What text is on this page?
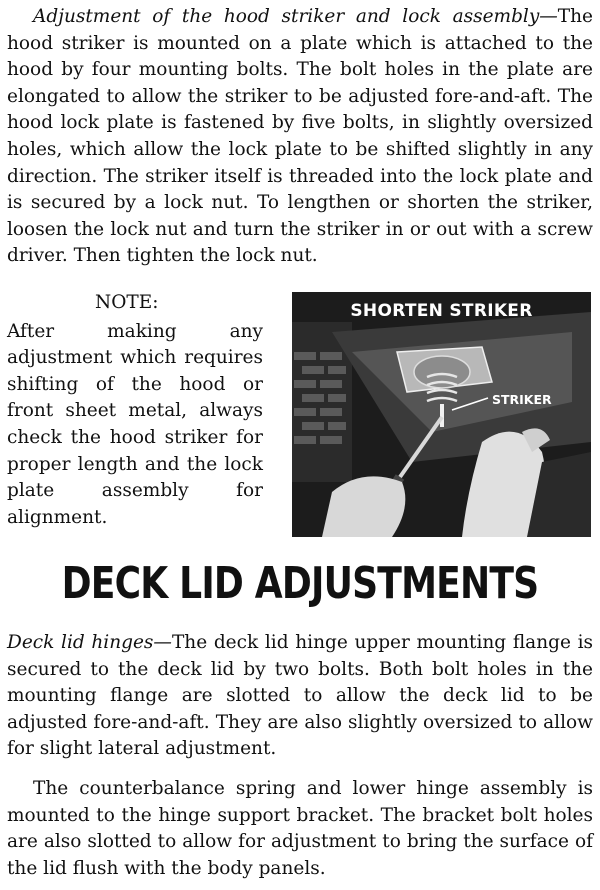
Adjustment of the hood striker and lock assembly—The hood striker is mounted on a plate which is attached to the hood by four mounting bolts. The bolt holes in the plate are elongated to allow the striker to be adjusted fore-and-aft. The hood lock plate is fastened by five bolts, in slightly oversized holes, which allow the lock plate to be shifted slightly in any direction. The striker itself is threaded into the lock plate and is secured by a lock nut. To lengthen or shorten the striker, loosen the lock nut and turn the striker in or out with a screw driver. Then tighten the lock nut.

NOTE:

After making any adjustment which requires shifting of the hood or front sheet metal, always check the hood striker for proper length and the lock plate assembly for alignment.

SHORTEN STRIKER
STRIKER
DECK LID ADJUSTMENTS

Deck lid hinges—The deck lid hinge upper mounting flange is secured to the deck lid by two bolts. Both bolt holes in the mounting flange are slotted to allow the deck lid to be adjusted fore-and-aft. They are also slightly oversized to allow for slight lateral adjustment.

The counterbalance spring and lower hinge assembly is mounted to the hinge support bracket. The bracket bolt holes are also slotted to allow for adjustment to bring the surface of the lid flush with the body panels.
